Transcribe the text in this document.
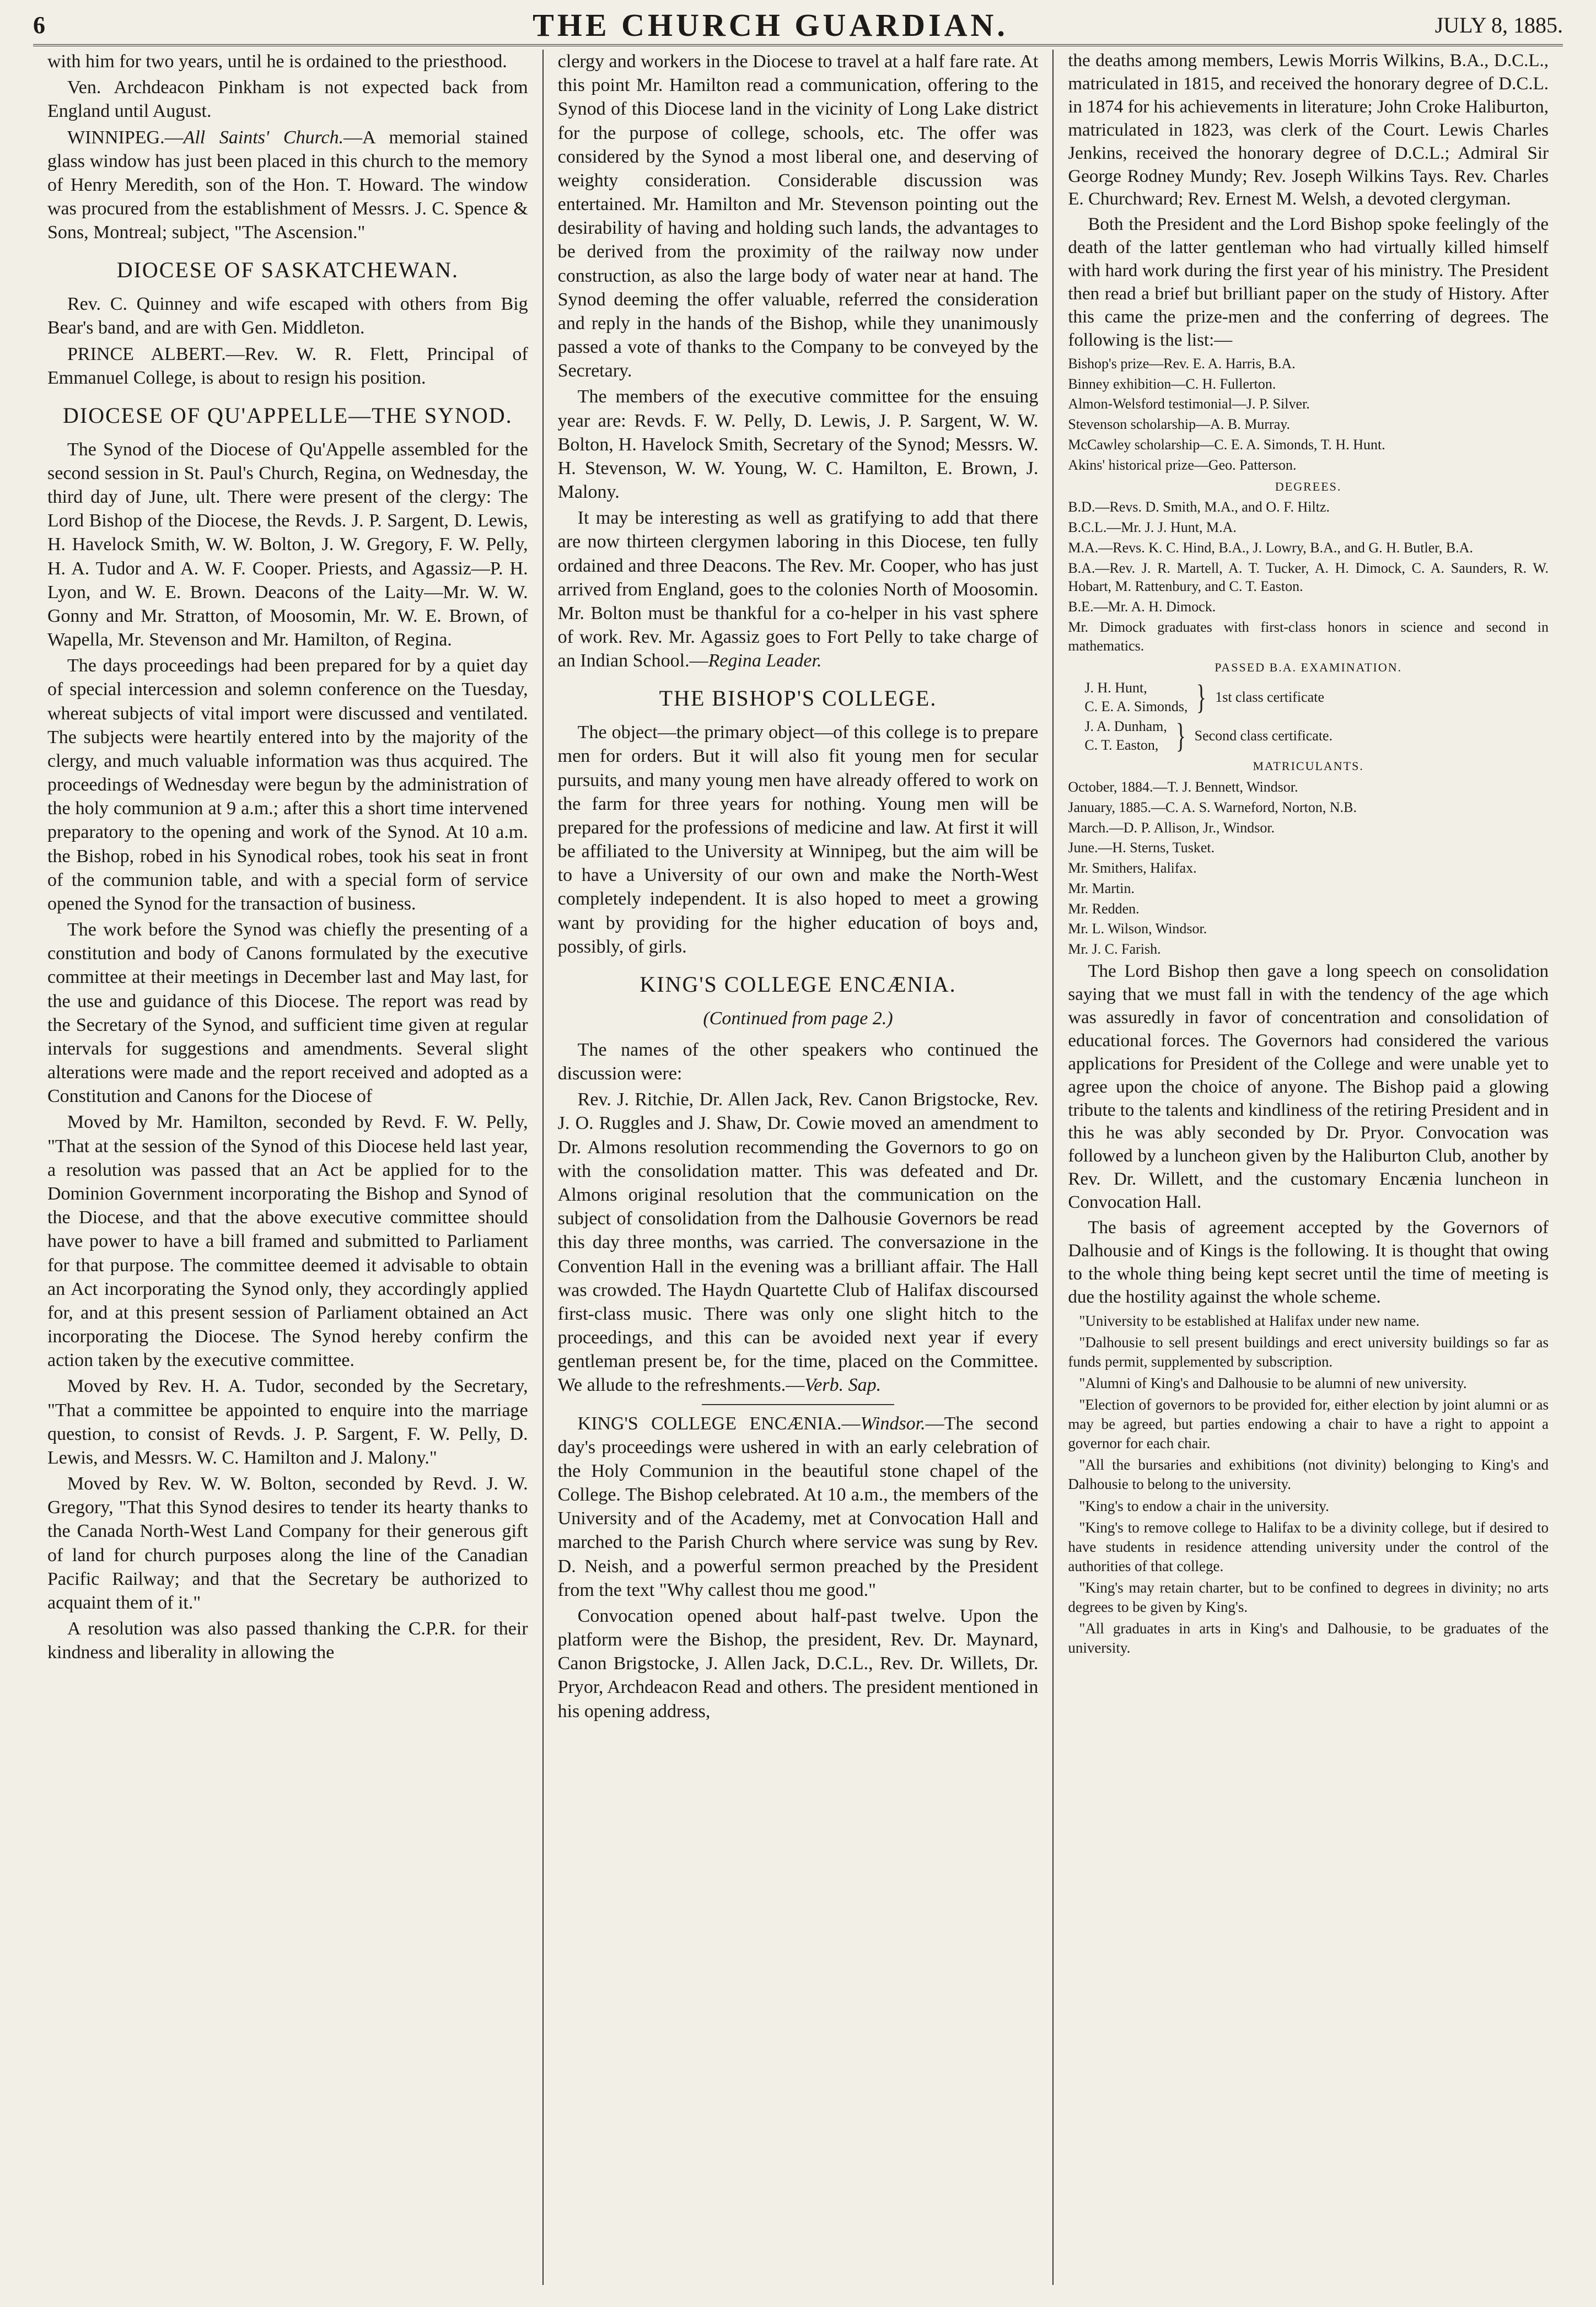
6	THE CHURCH GUARDIAN.	JULY 8, 1885.

with him for two years, until he is ordained to the priesthood.

Ven. Archdeacon Pinkham is not expected back from England until August.

WINNIPEG.—All Saints' Church.—A memorial stained glass window has just been placed in this church to the memory of Henry Meredith, son of the Hon. T. Howard. The window was procured from the establishment of Messrs. J. C. Spence & Sons, Montreal; subject, "The Ascension."

DIOCESE OF SASKATCHEWAN.

Rev. C. Quinney and wife escaped with others from Big Bear's band, and are with Gen. Middleton.

PRINCE ALBERT.—Rev. W. R. Flett, Principal of Emmanuel College, is about to resign his position.

DIOCESE OF QU'APPELLE—THE SYNOD.

The Synod of the Diocese of Qu'Appelle assembled for the second session in St. Paul's Church, Regina, on Wednesday, the third day of June, ult. There were present of the clergy: The Lord Bishop of the Diocese, the Revds. J. P. Sargent, D. Lewis, H. Havelock Smith, W. W. Bolton, J. W. Gregory, F. W. Pelly, H. A. Tudor and A. W. F. Cooper. Priests, and Agassiz—P. H. Lyon, and W. E. Brown. Deacons of the Laity—Mr. W. W. Gonny and Mr. Stratton, of Moosomin, Mr. W. E. Brown, of Wapella, Mr. Stevenson and Mr. Hamilton, of Regina.

The days proceedings had been prepared for by a quiet day of special intercession and solemn conference on the Tuesday, whereat subjects of vital import were discussed and ventilated. The subjects were heartily entered into by the majority of the clergy, and much valuable information was thus acquired. The proceedings of Wednesday were begun by the administration of the holy communion at 9 a.m.; after this a short time intervened preparatory to the opening and work of the Synod. At 10 a.m. the Bishop, robed in his Synodical robes, took his seat in front of the communion table, and with a special form of service opened the Synod for the transaction of business.

The work before the Synod was chiefly the presenting of a constitution and body of Canons formulated by the executive committee at their meetings in December last and May last, for the use and guidance of this Diocese. The report was read by the Secretary of the Synod, and sufficient time given at regular intervals for suggestions and amendments. Several slight alterations were made and the report received and adopted as a Constitution and Canons for the Diocese of

Moved by Mr. Hamilton, seconded by Revd. F. W. Pelly, "That at the session of the Synod of this Diocese held last year, a resolution was passed that an Act be applied for to the Dominion Government incorporating the Bishop and Synod of the Diocese, and that the above executive committee should have power to have a bill framed and submitted to Parliament for that purpose. The committee deemed it advisable to obtain an Act incorporating the Synod only, they accordingly applied for, and at this present session of Parliament obtained an Act incorporating the Diocese. The Synod hereby confirm the action taken by the executive committee.

Moved by Rev. H. A. Tudor, seconded by the Secretary, "That a committee be appointed to enquire into the marriage question, to consist of Revds. J. P. Sargent, F. W. Pelly, D. Lewis, and Messrs. W. C. Hamilton and J. Malony."

Moved by Rev. W. W. Bolton, seconded by Revd. J. W. Gregory, "That this Synod desires to tender its hearty thanks to the Canada North-West Land Company for their generous gift of land for church purposes along the line of the Canadian Pacific Railway; and that the Secretary be authorized to acquaint them of it."

A resolution was also passed thanking the C.P.R. for their kindness and liberality in allowing the

clergy and workers in the Diocese to travel at a half fare rate. At this point Mr. Hamilton read a communication, offering to the Synod of this Diocese land in the vicinity of Long Lake district for the purpose of college, schools, etc. The offer was considered by the Synod a most liberal one, and deserving of weighty consideration. Considerable discussion was entertained. Mr. Hamilton and Mr. Stevenson pointing out the desirability of having and holding such lands, the advantages to be derived from the proximity of the railway now under construction, as also the large body of water near at hand. The Synod deeming the offer valuable, referred the consideration and reply in the hands of the Bishop, while they unanimously passed a vote of thanks to the Company to be conveyed by the Secretary.

The members of the executive committee for the ensuing year are: Revds. F. W. Pelly, D. Lewis, J. P. Sargent, W. W. Bolton, H. Havelock Smith, Secretary of the Synod; Messrs. W. H. Stevenson, W. W. Young, W. C. Hamilton, E. Brown, J. Malony.

It may be interesting as well as gratifying to add that there are now thirteen clergymen laboring in this Diocese, ten fully ordained and three Deacons. The Rev. Mr. Cooper, who has just arrived from England, goes to the colonies North of Moosomin. Mr. Bolton must be thankful for a co-helper in his vast sphere of work. Rev. Mr. Agassiz goes to Fort Pelly to take charge of an Indian School.—Regina Leader.

THE BISHOP'S COLLEGE.

The object—the primary object—of this college is to prepare men for orders. But it will also fit young men for secular pursuits, and many young men have already offered to work on the farm for three years for nothing. Young men will be prepared for the professions of medicine and law. At first it will be affiliated to the University at Winnipeg, but the aim will be to have a University of our own and make the North-West completely independent. It is also hoped to meet a growing want by providing for the higher education of boys and, possibly, of girls.

KING'S COLLEGE ENCÆNIA.
(Continued from page 2.)

The names of the other speakers who continued the discussion were:

Rev. J. Ritchie, Dr. Allen Jack, Rev. Canon Brigstocke, Rev. J. O. Ruggles and J. Shaw, Dr. Cowie moved an amendment to Dr. Almons resolution recommending the Governors to go on with the consolidation matter. This was defeated and Dr. Almons original resolution that the communication on the subject of consolidation from the Dalhousie Governors be read this day three months, was carried. The conversazione in the Convention Hall in the evening was a brilliant affair. The Hall was crowded. The Haydn Quartette Club of Halifax discoursed first-class music. There was only one slight hitch to the proceedings, and this can be avoided next year if every gentleman present be, for the time, placed on the Committee. We allude to the refreshments.—Verb. Sap.

KING'S COLLEGE ENCÆNIA.—Windsor.—The second day's proceedings were ushered in with an early celebration of the Holy Communion in the beautiful stone chapel of the College. The Bishop celebrated. At 10 a.m., the members of the University and of the Academy, met at Convocation Hall and marched to the Parish Church where service was sung by Rev. D. Neish, and a powerful sermon preached by the President from the text "Why callest thou me good."

Convocation opened about half-past twelve. Upon the platform were the Bishop, the president, Rev. Dr. Maynard, Canon Brigstocke, J. Allen Jack, D.C.L., Rev. Dr. Willets, Dr. Pryor, Archdeacon Read and others. The president mentioned in his opening address,

the deaths among members, Lewis Morris Wilkins, B.A., D.C.L., matriculated in 1815, and received the honorary degree of D.C.L. in 1874 for his achievements in literature; John Croke Haliburton, matriculated in 1823, was clerk of the Court. Lewis Charles Jenkins, received the honorary degree of D.C.L.; Admiral Sir George Rodney Mundy; Rev. Joseph Wilkins Tays. Rev. Charles E. Churchward; Rev. Ernest M. Welsh, a devoted clergyman.

Both the President and the Lord Bishop spoke feelingly of the death of the latter gentleman who had virtually killed himself with hard work during the first year of his ministry. The President then read a brief but brilliant paper on the study of History. After this came the prize-men and the conferring of degrees. The following is the list:—

Bishop's prize—Rev. E. A. Harris, B.A.

Binney exhibition—C. H. Fullerton.

Almon-Welsford testimonial—J. P. Silver.

Stevenson scholarship—A. B. Murray.

McCawley scholarship—C. E. A. Simonds, T. H. Hunt.

Akins' historical prize—Geo. Patterson.

DEGREES.

B.D.—Revs. D. Smith, M.A., and O. F. Hiltz.

B.C.L.—Mr. J. J. Hunt, M.A.

M.A.—Revs. K. C. Hind, B.A., J. Lowry, B.A., and G. H. Butler, B.A.

B.A.—Rev. J. R. Martell, A. T. Tucker, A. H. Dimock, C. A. Saunders, R. W. Hobart, M. Rattenbury, and C. T. Easton.

B.E.—Mr. A. H. Dimock.

Mr. Dimock graduates with first-class honors in science and second in mathematics.

PASSED B.A. EXAMINATION.
J. H. Hunt,
C. E. A. Simonds, } 1st class certificate
J. A. Dunham,
C. T. Easton, } Second class certificate.
MATRICULANTS.

October, 1884.—T. J. Bennett, Windsor.

January, 1885.—C. A. S. Warneford, Norton, N.B.

March.—D. P. Allison, Jr., Windsor.

June.—H. Sterns, Tusket.

Mr. Smithers, Halifax.

Mr. Martin.

Mr. Redden.

Mr. L. Wilson, Windsor.

Mr. J. C. Farish.

The Lord Bishop then gave a long speech on consolidation saying that we must fall in with the tendency of the age which was assuredly in favor of concentration and consolidation of educational forces. The Governors had considered the various applications for President of the College and were unable yet to agree upon the choice of anyone. The Bishop paid a glowing tribute to the talents and kindliness of the retiring President and in this he was ably seconded by Dr. Pryor. Convocation was followed by a luncheon given by the Haliburton Club, another by Rev. Dr. Willett, and the customary Encænia luncheon in Convocation Hall.

The basis of agreement accepted by the Governors of Dalhousie and of Kings is the following. It is thought that owing to the whole thing being kept secret until the time of meeting is due the hostility against the whole scheme.

"University to be established at Halifax under new name.

"Dalhousie to sell present buildings and erect university buildings so far as funds permit, supplemented by subscription.

"Alumni of King's and Dalhousie to be alumni of new university.

"Election of governors to be provided for, either election by joint alumni or as may be agreed, but parties endowing a chair to have a right to appoint a governor for each chair.

"All the bursaries and exhibitions (not divinity) belonging to King's and Dalhousie to belong to the university.

"King's to endow a chair in the university.

"King's to remove college to Halifax to be a divinity college, but if desired to have students in residence attending university under the control of the authorities of that college.

"King's may retain charter, but to be confined to degrees in divinity; no arts degrees to be given by King's.

"All graduates in arts in King's and Dalhousie, to be graduates of the university.
